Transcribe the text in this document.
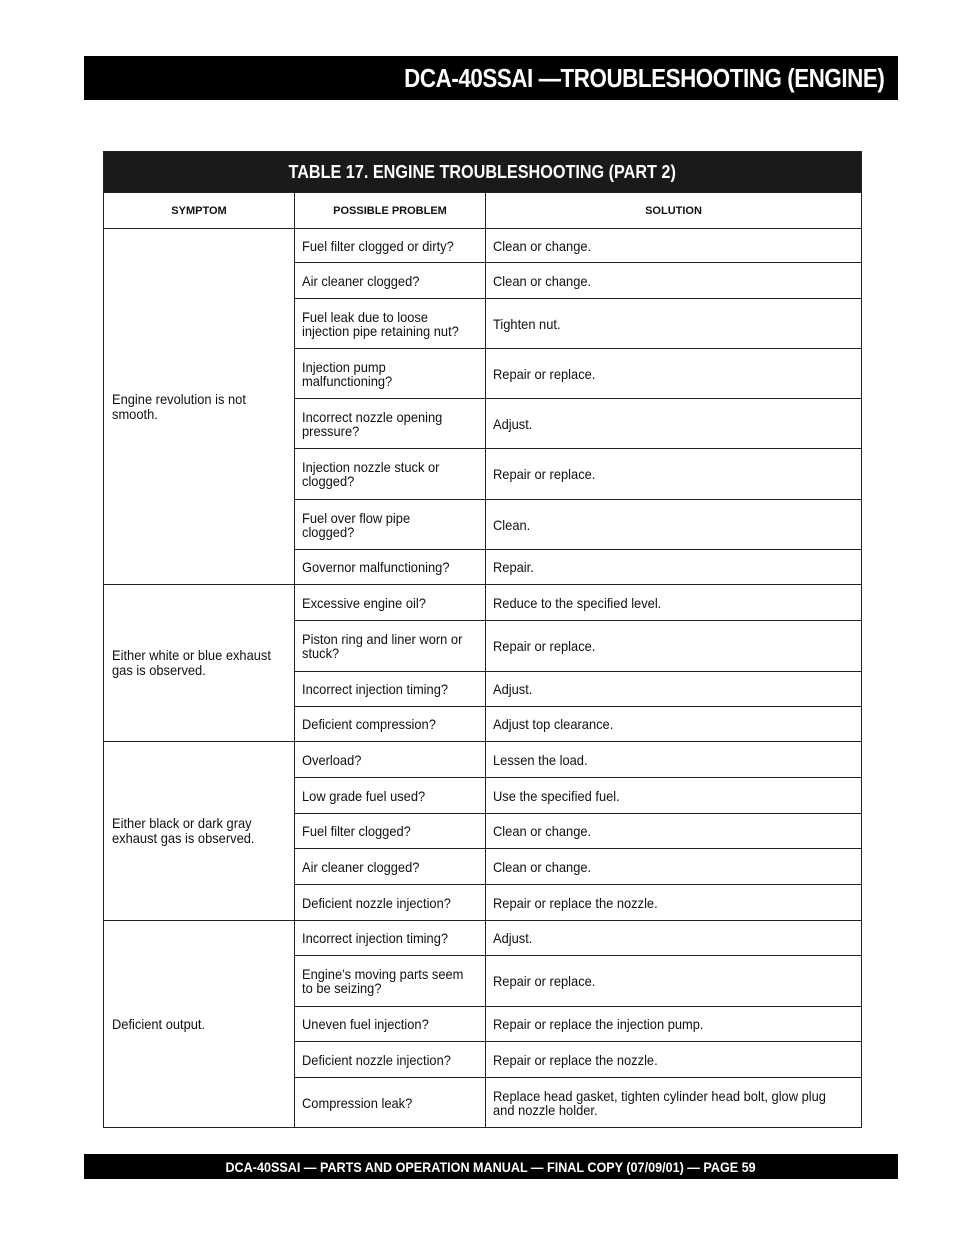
DCA-40SSAI —TROUBLESHOOTING (ENGINE)
TABLE 17. ENGINE TROUBLESHOOTING (PART 2)		
SYMPTOM	POSSIBLE PROBLEM	SOLUTION

Engine revolution is not smooth.	Fuel filter clogged or dirty?	Clean or change.

	Air cleaner clogged?	Clean or change.

	Fuel leak due to loose injection pipe retaining nut?	Tighten nut.

	Injection pump malfunctioning?	Repair or replace.

	Incorrect nozzle opening pressure?	Adjust.

	Injection nozzle stuck or clogged?	Repair or replace.

	Fuel over flow pipe clogged?	Clean.

	Governor malfunctioning?	Repair.

Either white or blue exhaust gas is observed.	Excessive engine oil?	Reduce to the specified level.

	Piston ring and liner worn or stuck?	Repair or replace.

	Incorrect injection timing?	Adjust.

	Deficient compression?	Adjust top clearance.

Either black or dark gray exhaust gas is observed.	Overload?	Lessen the load.

	Low grade fuel used?	Use the specified fuel.

	Fuel filter clogged?	Clean or change.

	Air cleaner clogged?	Clean or change.

	Deficient nozzle injection?	Repair or replace the nozzle.

Deficient output.	Incorrect injection timing?	Adjust.

	Engine's moving parts seem to be seizing?	Repair or replace.

	Uneven fuel injection?	Repair or replace the injection pump.

	Deficient nozzle injection?	Repair or replace the nozzle.

	Compression leak?	Replace head gasket, tighten cylinder head bolt, glow plug and nozzle holder.
DCA-40SSAI — PARTS AND OPERATION MANUAL — FINAL COPY (07/09/01) — PAGE 59
